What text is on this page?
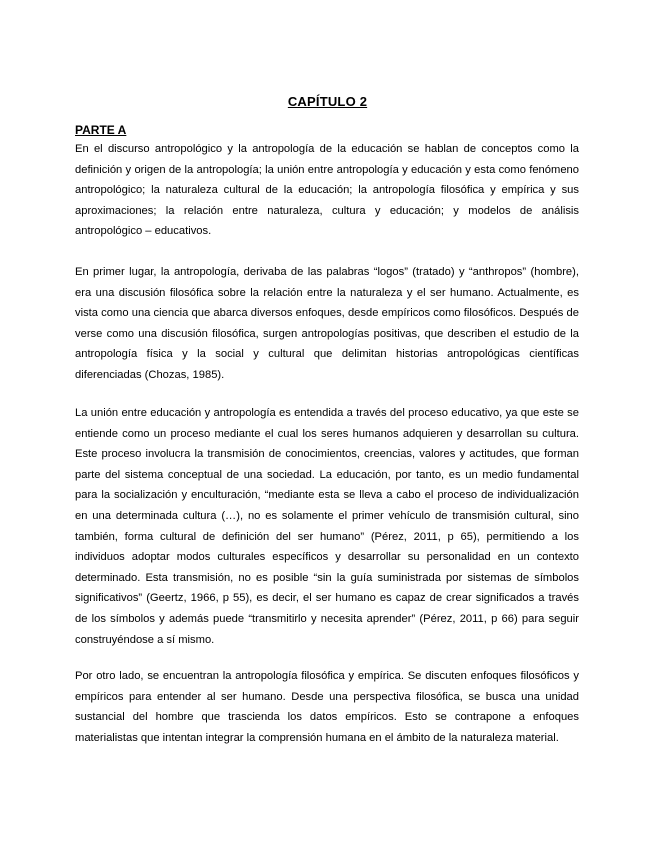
CAPÍTULO 2
PARTE A

En el discurso antropológico y la antropología de la educación se hablan de conceptos como la definición y origen de la antropología; la unión entre antropología y educación y esta como fenómeno antropológico; la naturaleza cultural de la educación; la antropología filosófica y empírica y sus aproximaciones; la relación entre naturaleza, cultura y educación; y modelos de análisis antropológico – educativos.

En primer lugar, la antropología, derivaba de las palabras “logos” (tratado) y “anthropos” (hombre), era una discusión filosófica sobre la relación entre la naturaleza y el ser humano. Actualmente, es vista como una ciencia que abarca diversos enfoques, desde empíricos como filosóficos. Después de verse como una discusión filosófica, surgen antropologías positivas, que describen el estudio de la antropología física y la social y cultural que delimitan historias antropológicas científicas diferenciadas (Chozas, 1985).

La unión entre educación y antropología es entendida a través del proceso educativo, ya que este se entiende como un proceso mediante el cual los seres humanos adquieren y desarrollan su cultura. Este proceso involucra la transmisión de conocimientos, creencias, valores y actitudes, que forman parte del sistema conceptual de una sociedad. La educación, por tanto, es un medio fundamental para la socialización y enculturación, “mediante esta se lleva a cabo el proceso de individualización en una determinada cultura (…), no es solamente el primer vehículo de transmisión cultural, sino también, forma cultural de definición del ser humano” (Pérez, 2011, p 65), permitiendo a los individuos adoptar modos culturales específicos y desarrollar su personalidad en un contexto determinado. Esta transmisión, no es posible “sin la guía suministrada por sistemas de símbolos significativos” (Geertz, 1966, p 55), es decir, el ser humano es capaz de crear significados a través de los símbolos y además puede “transmitirlo y necesita aprender” (Pérez, 2011, p 66) para seguir construyéndose a sí mismo.

Por otro lado, se encuentran la antropología filosófica y empírica. Se discuten enfoques filosóficos y empíricos para entender al ser humano. Desde una perspectiva filosófica, se busca una unidad sustancial del hombre que trascienda los datos empíricos. Esto se contrapone a enfoques materialistas que intentan integrar la comprensión humana en el ámbito de la naturaleza material.
